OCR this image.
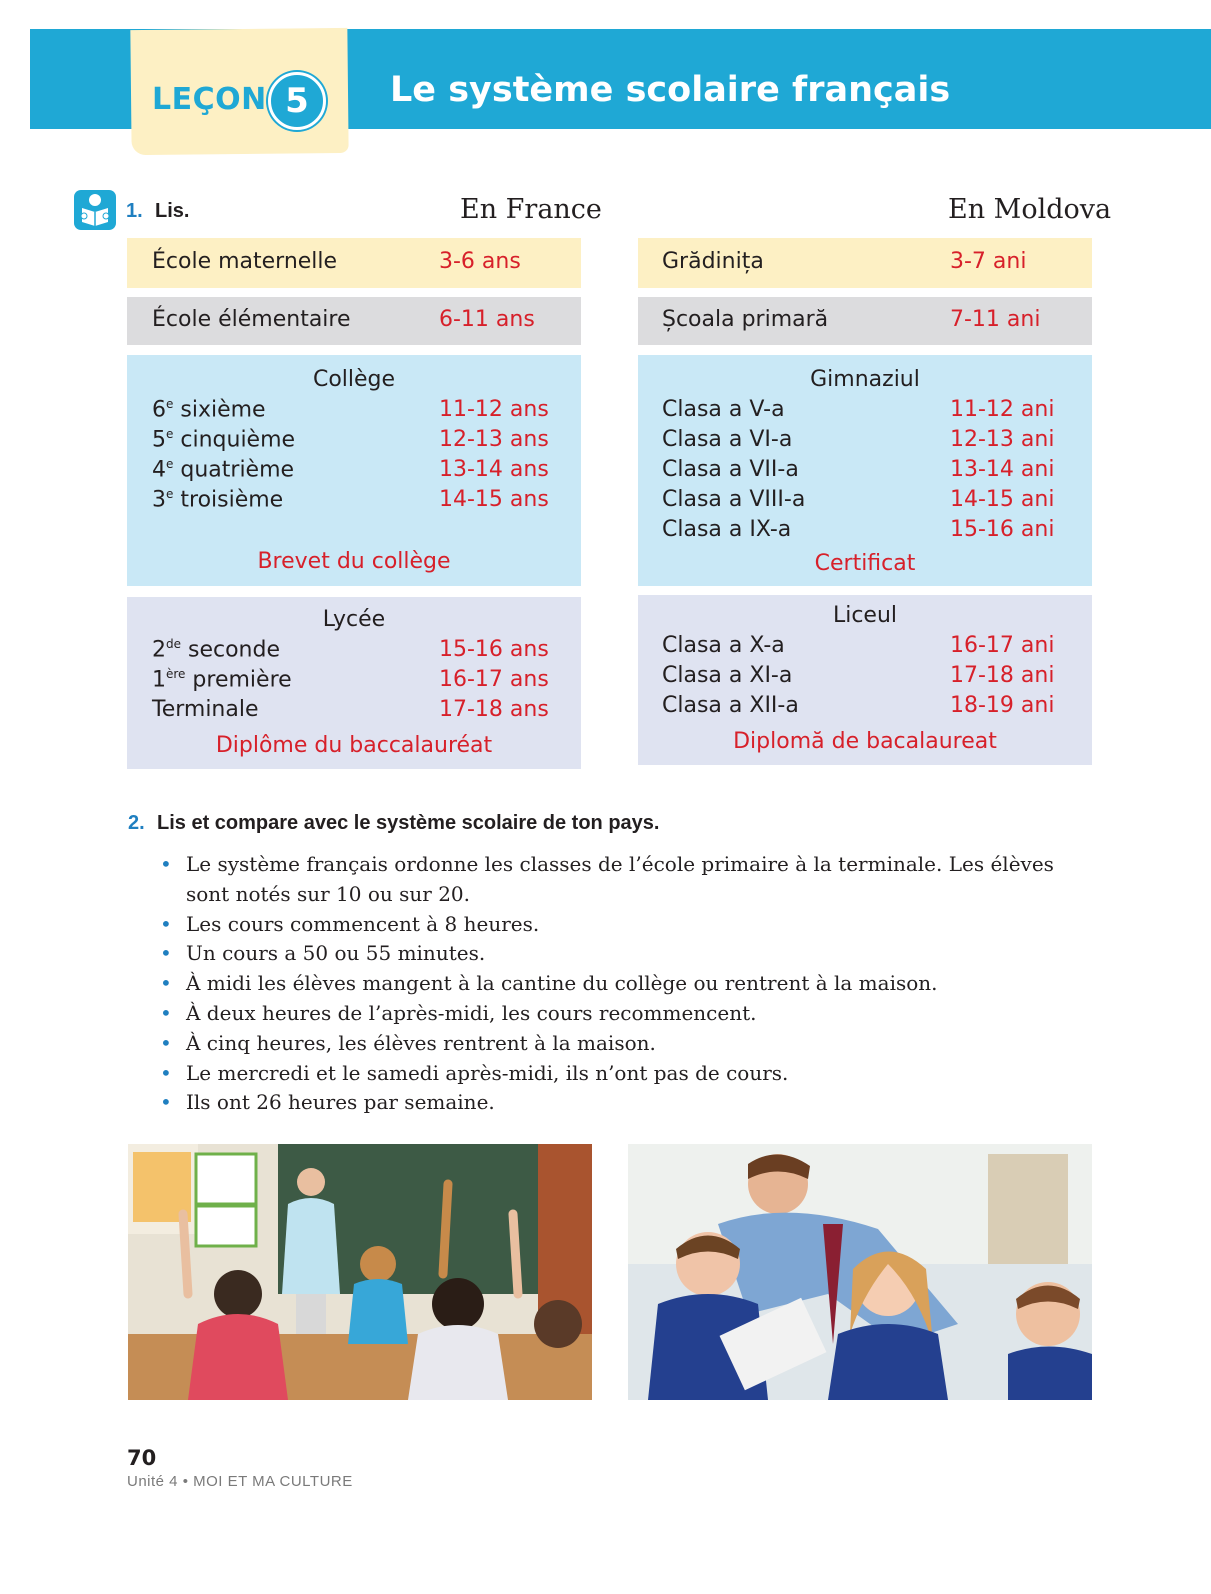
LEÇON 5	Le système scolaire français
1. Lis.	En France	En Moldova
École maternelle	3-6 ans
École élémentaire	6-11 ans
Collège
6e sixième	11-12 ans
5e cinquième	12-13 ans
4e quatrième	13-14 ans
3e troisième	14-15 ans
Brevet du collège
Lycée
2de seconde	15-16 ans
1ère première	16-17 ans
Terminale	17-18 ans
Diplôme du baccalauréat
Grădinița	3-7 ani
Școala primară	7-11 ani
Gimnaziul
Clasa a V-a	11-12 ani
Clasa a VI-a	12-13 ani
Clasa a VII-a	13-14 ani
Clasa a VIII-a	14-15 ani
Clasa a IX-a	15-16 ani
Certificat
Liceul
Clasa a X-a	16-17 ani
Clasa a XI-a	17-18 ani
Clasa a XII-a	18-19 ani
Diplomă de bacalaureat
2. Lis et compare avec le système scolaire de ton pays.
• Le système français ordonne les classes de l’école primaire à la terminale. Les élèves sont notés sur 10 ou sur 20.
• Les cours commencent à 8 heures.
• Un cours a 50 ou 55 minutes.
• À midi les élèves mangent à la cantine du collège ou rentrent à la maison.
• À deux heures de l’après-midi, les cours recommencent.
• À cinq heures, les élèves rentrent à la maison.
• Le mercredi et le samedi après-midi, ils n’ont pas de cours.
• Ils ont 26 heures par semaine.
70
Unité 4 • MOI ET MA CULTURE
